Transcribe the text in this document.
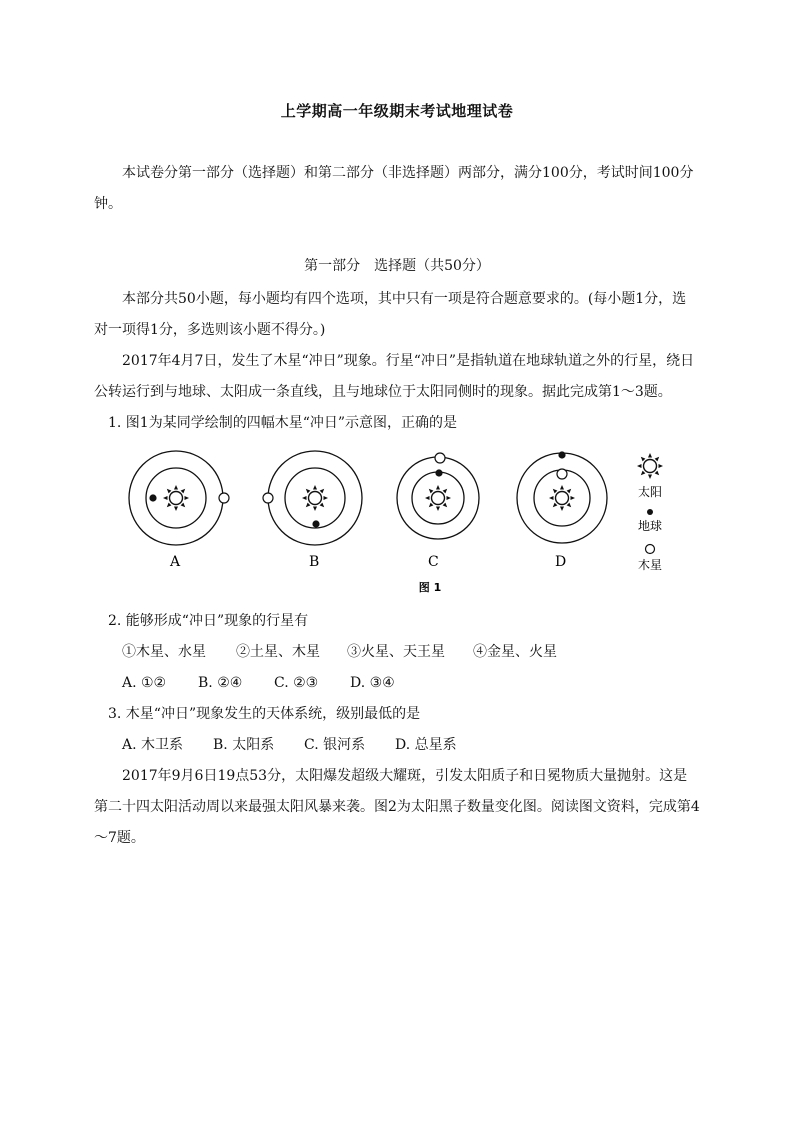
上学期高一年级期末考试地理试卷
本试卷分第一部分（选择题）和第二部分（非选择题）两部分，满分100分，考试时间100分钟。
第一部分　选择题（共50分）
本部分共50小题，每小题均有四个选项，其中只有一项是符合题意要求的。(每小题1分，选对一项得1分，多选则该小题不得分。)
2017年4月7日，发生了木星“冲日”现象。行星“冲日”是指轨道在地球轨道之外的行星，绕日公转运行到与地球、太阳成一条直线，且与地球位于太阳同侧时的现象。据此完成第1～3题。
1. 图1为某同学绘制的四幅木星“冲日”示意图，正确的是
A	B	C	D
太阳
地球
木星
图 1
2. 能够形成“冲日”现象的行星有
①木星、水星 ②土星、木星 ③火星、天王星 ④金星、火星
A. ①② B. ②④ C. ②③ D. ③④
3. 木星“冲日”现象发生的天体系统，级别最低的是
A. 木卫系 B. 太阳系 C. 银河系 D. 总星系
2017年9月6日19点53分，太阳爆发超级大耀斑，引发太阳质子和日冕物质大量抛射。这是第二十四太阳活动周以来最强太阳风暴来袭。图2为太阳黑子数量变化图。阅读图文资料，完成第4～7题。
